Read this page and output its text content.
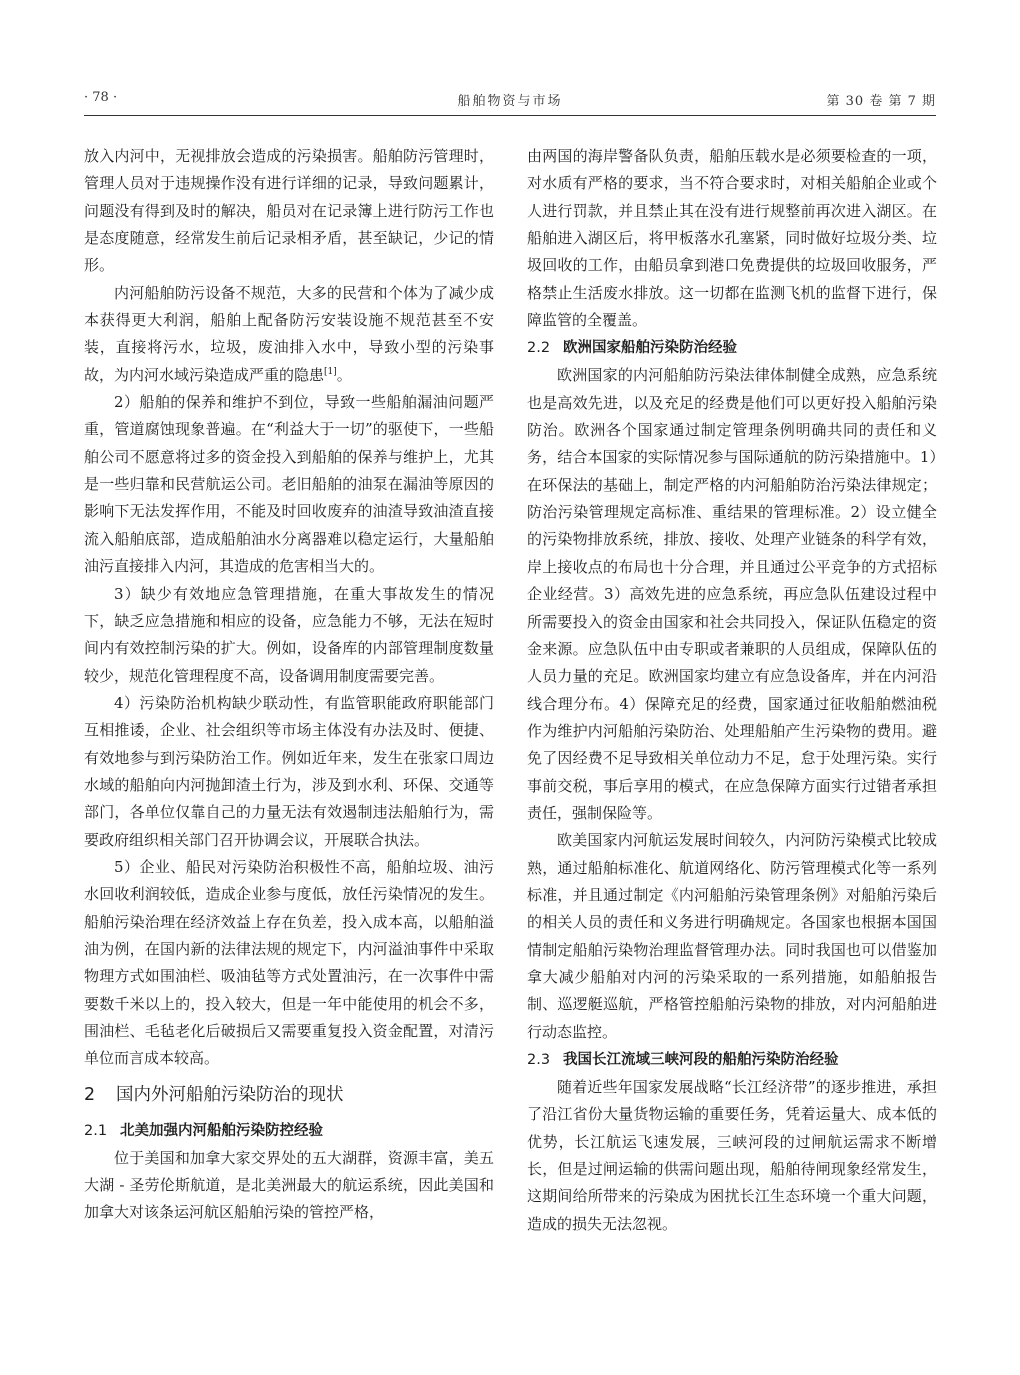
· 78 ·	船舶物资与市场	第 30 卷 第 7 期

放入内河中，无视排放会造成的污染损害。船舶防污管理时，管理人员对于违规操作没有进行详细的记录，导致问题累计，问题没有得到及时的解决，船员对在记录簿上进行防污工作也是态度随意，经常发生前后记录相矛盾，甚至缺记，少记的情形。

内河船舶防污设备不规范，大多的民营和个体为了减少成本获得更大利润，船舶上配备防污安装设施不规范甚至不安装，直接将污水，垃圾，废油排入水中，导致小型的污染事故，为内河水域污染造成严重的隐患[1]。

2）船舶的保养和维护不到位，导致一些船舶漏油问题严重，管道腐蚀现象普遍。在“利益大于一切”的驱使下，一些船舶公司不愿意将过多的资金投入到船舶的保养与维护上，尤其是一些归靠和民营航运公司。老旧船舶的油泵在漏油等原因的影响下无法发挥作用，不能及时回收废弃的油渣导致油渣直接流入船舶底部，造成船舶油水分离器难以稳定运行，大量船舶油污直接排入内河，其造成的危害相当大的。

3）缺少有效地应急管理措施，在重大事故发生的情况下，缺乏应急措施和相应的设备，应急能力不够，无法在短时间内有效控制污染的扩大。例如，设备库的内部管理制度数量较少，规范化管理程度不高，设备调用制度需要完善。

4）污染防治机构缺少联动性，有监管职能政府职能部门互相推诿，企业、社会组织等市场主体没有办法及时、便捷、有效地参与到污染防治工作。例如近年来，发生在张家口周边水域的船舶向内河抛卸渣土行为，涉及到水利、环保、交通等部门，各单位仅靠自己的力量无法有效遏制违法船舶行为，需要政府组织相关部门召开协调会议，开展联合执法。

5）企业、船民对污染防治积极性不高，船舶垃圾、油污水回收利润较低，造成企业参与度低，放任污染情况的发生。船舶污染治理在经济效益上存在负差，投入成本高，以船舶溢油为例，在国内新的法律法规的规定下，内河溢油事件中采取物理方式如围油栏、吸油毡等方式处置油污，在一次事件中需要数千米以上的，投入较大，但是一年中能使用的机会不多，围油栏、毛毡老化后破损后又需要重复投入资金配置，对清污单位而言成本较高。

2 国内外河船舶污染防治的现状
2.1 北美加强内河船舶污染防控经验

位于美国和加拿大家交界处的五大湖群，资源丰富，美五大湖 - 圣劳伦斯航道，是北美洲最大的航运系统，因此美国和加拿大对该条运河航区船舶污染的管控严格，

由两国的海岸警备队负责，船舶压载水是必须要检查的一项，对水质有严格的要求，当不符合要求时，对相关船舶企业或个人进行罚款，并且禁止其在没有进行规整前再次进入湖区。在船舶进入湖区后，将甲板落水孔塞紧，同时做好垃圾分类、垃圾回收的工作，由船员拿到港口免费提供的垃圾回收服务，严格禁止生活废水排放。这一切都在监测飞机的监督下进行，保障监管的全覆盖。

2.2 欧洲国家船舶污染防治经验

欧洲国家的内河船舶防污染法律体制健全成熟，应急系统也是高效先进，以及充足的经费是他们可以更好投入船舶污染防治。欧洲各个国家通过制定管理条例明确共同的责任和义务，结合本国家的实际情况参与国际通航的防污染措施中。1）在环保法的基础上，制定严格的内河船舶防治污染法律规定；防治污染管理规定高标准、重结果的管理标准。2）设立健全的污染物排放系统，排放、接收、处理产业链条的科学有效，岸上接收点的布局也十分合理，并且通过公平竞争的方式招标企业经营。3）高效先进的应急系统，再应急队伍建设过程中所需要投入的资金由国家和社会共同投入，保证队伍稳定的资金来源。应急队伍中由专职或者兼职的人员组成，保障队伍的人员力量的充足。欧洲国家均建立有应急设备库，并在内河沿线合理分布。4）保障充足的经费，国家通过征收船舶燃油税作为维护内河船舶污染防治、处理船舶产生污染物的费用。避免了因经费不足导致相关单位动力不足，怠于处理污染。实行事前交税，事后享用的模式，在应急保障方面实行过错者承担责任，强制保险等。

欧美国家内河航运发展时间较久，内河防污染模式比较成熟，通过船舶标准化、航道网络化、防污管理模式化等一系列标准，并且通过制定《内河船舶污染管理条例》对船舶污染后的相关人员的责任和义务进行明确规定。各国家也根据本国国情制定船舶污染物治理监督管理办法。同时我国也可以借鉴加拿大减少船舶对内河的污染采取的一系列措施，如船舶报告制、巡逻艇巡航，严格管控船舶污染物的排放，对内河船舶进行动态监控。

2.3 我国长江流域三峡河段的船舶污染防治经验

随着近些年国家发展战略“长江经济带”的逐步推进，承担了沿江省份大量货物运输的重要任务，凭着运量大、成本低的优势，长江航运飞速发展，三峡河段的过闸航运需求不断增长，但是过闸运输的供需问题出现，船舶待闸现象经常发生，这期间给所带来的污染成为困扰长江生态环境一个重大问题，造成的损失无法忽视。
